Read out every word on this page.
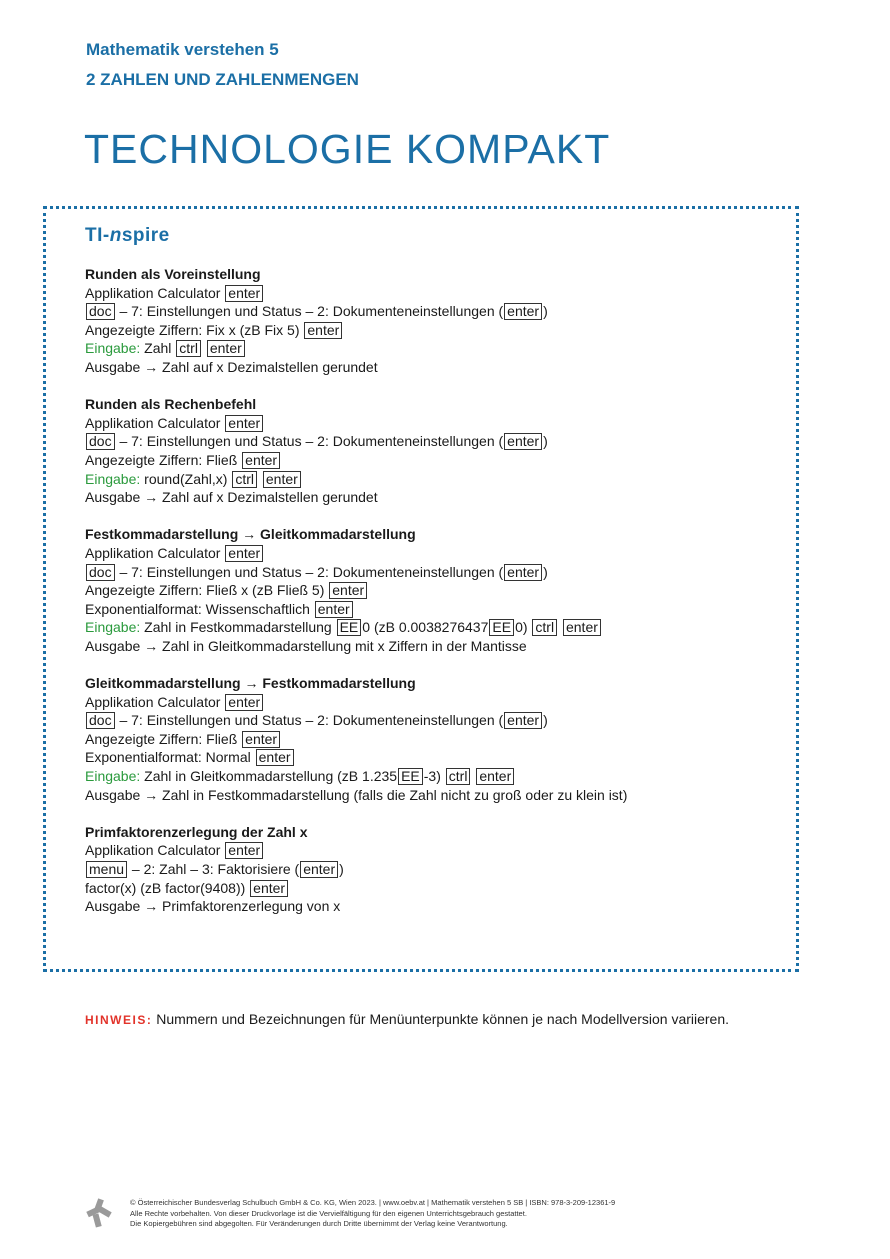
Mathematik verstehen 5
2 ZAHLEN UND ZAHLENMENGEN
TECHNOLOGIE KOMPAKT
TI-nspire
Runden als Voreinstellung
Applikation Calculator enter
doc – 7: Einstellungen und Status – 2: Dokumenteneinstellungen ( enter )
Angezeigte Ziffern: Fix x (zB Fix 5) enter
Eingabe: Zahl ctrl enter
Ausgabe → Zahl auf x Dezimalstellen gerundet
Runden als Rechenbefehl
Applikation Calculator enter
doc – 7: Einstellungen und Status – 2: Dokumenteneinstellungen ( enter )
Angezeigte Ziffern: Fließ enter
Eingabe: round(Zahl,x) ctrl enter
Ausgabe → Zahl auf x Dezimalstellen gerundet
Festkommadarstellung → Gleitkommadarstellung
Applikation Calculator enter
doc – 7: Einstellungen und Status – 2: Dokumenteneinstellungen ( enter )
Angezeigte Ziffern: Fließ x (zB Fließ 5) enter
Exponentialformat: Wissenschaftlich enter
Eingabe: Zahl in Festkommadarstellung EE 0 (zB 0.0038276437 EE 0) ctrl enter
Ausgabe → Zahl in Gleitkommadarstellung mit x Ziffern in der Mantisse
Gleitkommadarstellung → Festkommadarstellung
Applikation Calculator enter
doc – 7: Einstellungen und Status – 2: Dokumenteneinstellungen ( enter )
Angezeigte Ziffern: Fließ enter
Exponentialformat: Normal enter
Eingabe: Zahl in Gleitkommadarstellung (zB 1.235 EE -3) ctrl enter
Ausgabe → Zahl in Festkommadarstellung (falls die Zahl nicht zu groß oder zu klein ist)
Primfaktorenzerlegung der Zahl x
Applikation Calculator enter
menu – 2: Zahl – 3: Faktorisiere ( enter )
factor(x) (zB factor(9408)) enter
Ausgabe → Primfaktorenzerlegung von x
HINWEIS: Nummern und Bezeichnungen für Menüunterpunkte können je nach Modellversion variieren.
© Österreichischer Bundesverlag Schulbuch GmbH & Co. KG, Wien 2023. | www.oebv.at | Mathematik verstehen 5 SB | ISBN: 978-3-209-12361-9
Alle Rechte vorbehalten. Von dieser Druckvorlage ist die Vervielfältigung für den eigenen Unterrichtsgebrauch gestattet.
Die Kopiergebühren sind abgegolten. Für Veränderungen durch Dritte übernimmt der Verlag keine Verantwortung.
